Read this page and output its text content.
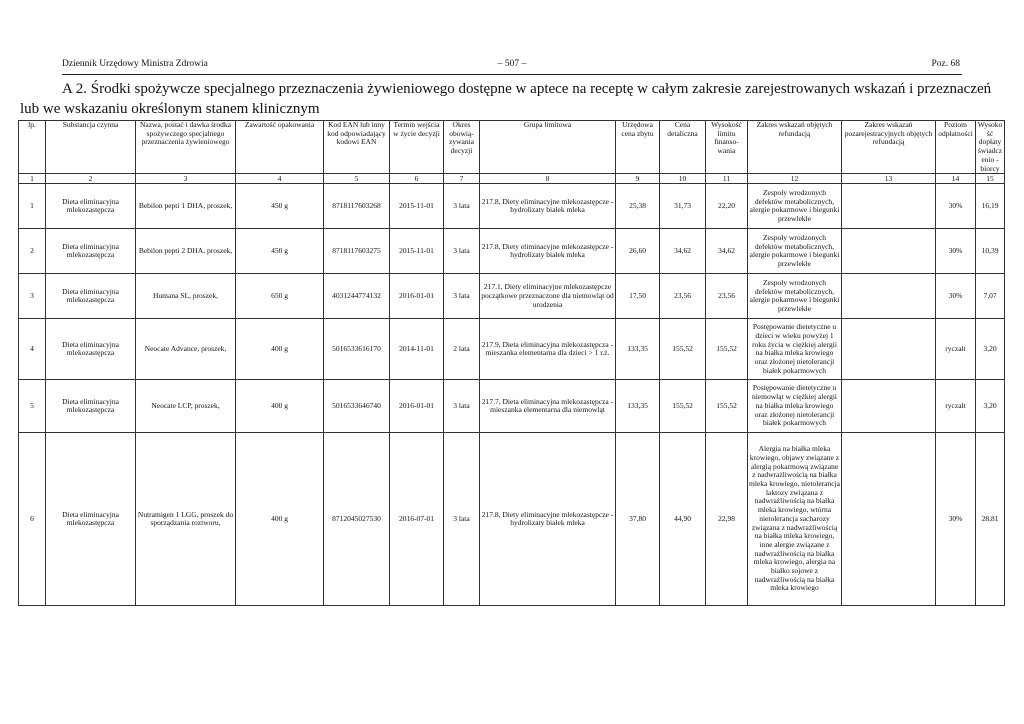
Dziennik Urzędowy Ministra Zdrowia	– 507 –	Poz. 68
A 2. Środki spożywcze specjalnego przeznaczenia żywieniowego dostępne w aptece na receptę w całym zakresie zarejestrowanych wskazań i przeznaczeń lub we wskazaniu określonym stanem klinicznym
lp.	Substancja czynna	Nazwa, postać i dawka środka spożywczego specjalnego przeznaczenia żywieniowego	Zawartość opakowania	Kod EAN lub inny kod odpowiadający kodowi EAN	Termin wejścia w życie decyzji	Okres obowią- zywania decyzji	Grupa limitowa	Urzędowa cena zbytu	Cena detaliczna	Wysokość limitu finanso- wania	Zakres wskazań objętych refundacją	Zakres wskazań pozarejestracyjnych objętych refundacją	Poziom odpłatności	Wysokość dopłaty świadczenio -biorcy
1	2	3	4	5	6	7	8	9	10	11	12	13	14	15
1	Dieta eliminacyjna mlekozastępcza	Bebilon pepti 1 DHA, proszek,	450 g	8718117603268	2015-11-01	3 lata	217.8, Diety eliminacyjne mlekozastępcze - hydrolizaty białek mleka	25,38	31,73	22,20	Zespoły wrodzonych defektów metabolicznych, alergie pokarmowe i biegunki przewlekłe		30%	16,19
2	Dieta eliminacyjna mlekozastępcza	Bebilon pepti 2 DHA, proszek,	450 g	8718117603275	2015-11-01	3 lata	217.8, Diety eliminacyjne mlekozastępcze - hydrolizaty białek mleka	26,60	34,62	34,62	Zespoły wrodzonych defektów metabolicznych, alergie pokarmowe i biegunki przewlekłe		30%	10,39
3	Dieta eliminacyjna mlekozastępcza	Humana SL, proszek,	650 g	4031244774132	2016-01-01	3 lata	217.1, Diety eliminacyjne mlekozastępcze początkowe przeznaczone dla niemowląt od urodzenia	17,50	23,56	23,56	Zespoły wrodzonych defektów metabolicznych, alergie pokarmowe i biegunki przewlekłe		30%	7,07
4	Dieta eliminacyjna mlekozastępcza	Neocate Advance, proszek,	400 g	5016533616170	2014-11-01	2 lata	217.9, Dieta eliminacyjna mlekozastępcza - mieszanka elementarna dla dzieci > 1 r.ż.	133,35	155,52	155,52	Postępowanie dietetyczne u dzieci w wieku powyżej 1 roku życia w ciężkiej alergii na białka mleka krowiego oraz złożonej nietolerancji białek pokarmowych		ryczałt	3,20
5	Dieta eliminacyjna mlekozastępcza	Neocate LCP, proszek,	400 g	5016533646740	2016-01-01	3 lata	217.7, Dieta eliminacyjna mlekozastępcza - mieszanka elementarna dla niemowląt	133,35	155,52	155,52	Postępowanie dietetyczne u niemowląt w ciężkiej alergii na białka mleka krowiego oraz złożonej nietolerancji białek pokarmowych		ryczałt	3,20
6	Dieta eliminacyjna mlekozastępcza	Nutramigen 1 LGG, proszek do sporządzania roztworu,	400 g	8712045027530	2016-07-01	3 lata	217.8, Diety eliminacyjne mlekozastępcze - hydrolizaty białek mleka	37,80	44,90	22,98	Alergia na białka mleka krowiego, objawy związane z alergią pokarmową związane z nadwrażliwością na białka mleka krowiego, nietolerancja laktozy związana z nadwrażliwością na białka mleka krowiego, wtórna nietolerancja sacharozy związana z nadwrażliwością na białka mleka krowiego, inne alergie związane z nadwrażliwością na białka mleka krowiego, alergia na białko sojowe z nadwrażliwością na białka mleka krowiego		30%	28,81
